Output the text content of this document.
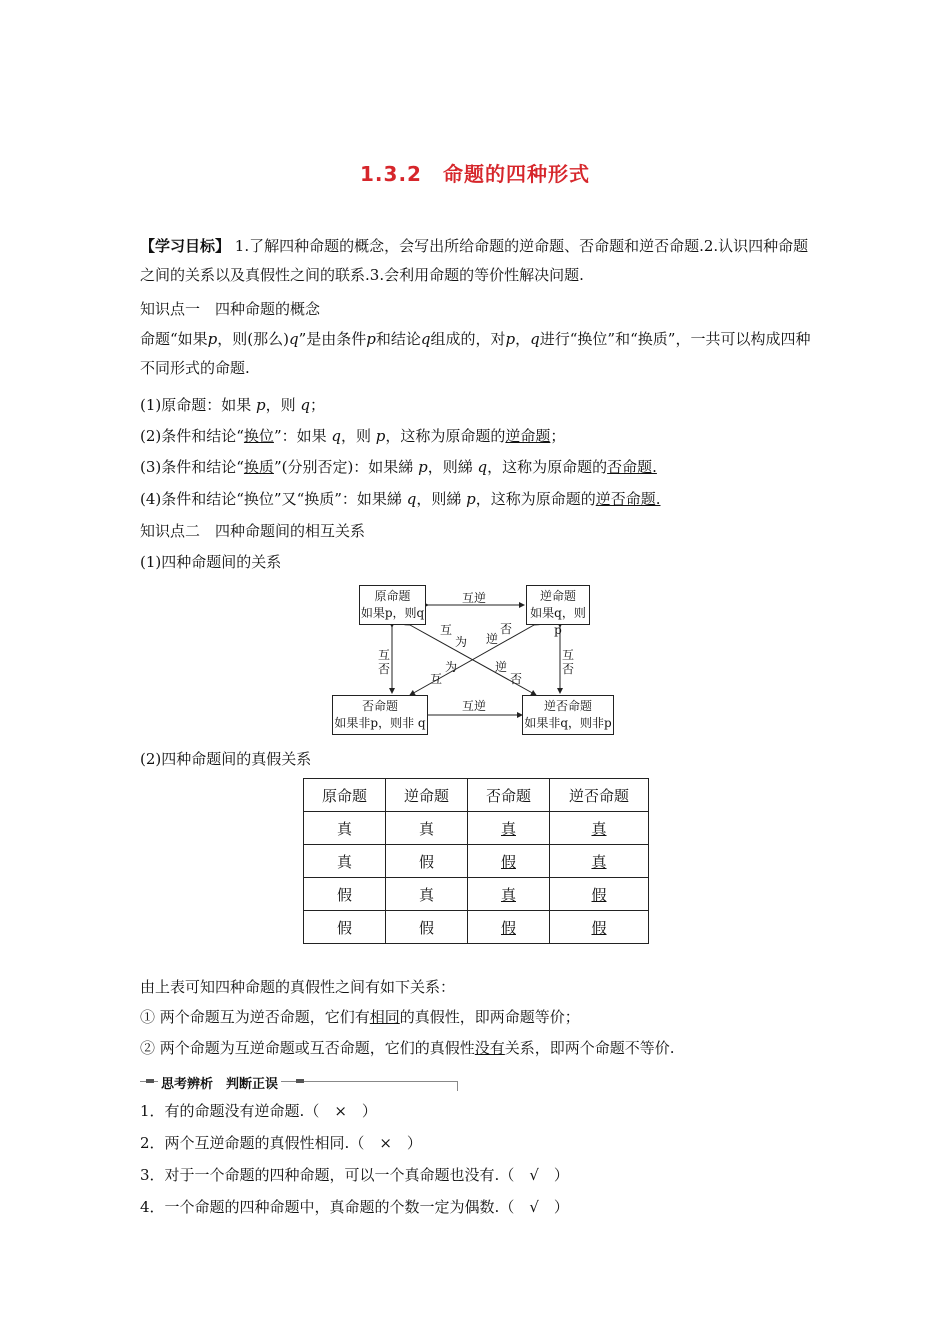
1.3.2　命题的四种形式
【学习目标】 1.了解四种命题的概念，会写出所给命题的逆命题、否命题和逆否命题.2.认识四种命题之间的关系以及真假性之间的联系.3.会利用命题的等价性解决问题.
知识点一　四种命题的概念
命题“如果p，则(那么)q”是由条件p和结论q组成的，对p，q进行“换位”和“换质”，一共可以构成四种不同形式的命题.
(1)原命题：如果 p，则 q；
(2)条件和结论“换位”：如果 q，则 p，这称为原命题的逆命题；
(3)条件和结论“换质”(分别否定)：如果綈 p，则綈 q，这称为原命题的否命题.
(4)条件和结论“换位”又“换质”：如果綈 q，则綈 p，这称为原命题的逆否命题.
知识点二　四种命题间的相互关系
(1)四种命题间的关系
原命题
如果p，则q
逆命题
如果q，则p
否命题
如果非p，则非 q
逆否命题
如果非q，则非p
互逆
互逆
互
否
互
否
互
为 逆
否
为
互
逆
否
(2)四种命题间的真假关系
原命题	逆命题	否命题	逆否命题
真	真	真	真
真	假	假	真
假	真	真	假
假	假	假	假
由上表可知四种命题的真假性之间有如下关系：
① 两个命题互为逆否命题，它们有相同的真假性，即两命题等价；
② 两个命题为互逆命题或互否命题，它们的真假性没有关系，即两个命题不等价.
思考辨析　判断正误
1．有的命题没有逆命题.（　×　）
2．两个互逆命题的真假性相同.（　×　）
3．对于一个命题的四种命题，可以一个真命题也没有.（　√　）
4．一个命题的四种命题中，真命题的个数一定为偶数.（　√　）
